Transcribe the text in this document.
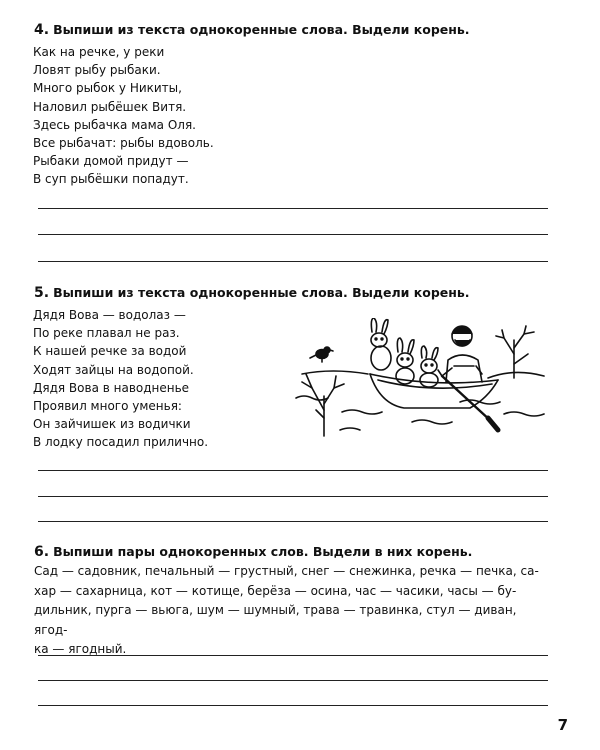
4. Выпиши из текста однокоренные слова. Выдели корень.
Как на речке, у реки
Ловят рыбу рыбаки.
Много рыбок у Никиты,
Наловил рыбёшек Витя.
Здесь рыбачка мама Оля.
Все рыбачат: рыбы вдоволь.
Рыбаки домой придут —
В суп рыбёшки попадут.
5. Выпиши из текста однокоренные слова. Выдели корень.
Дядя Вова — водолаз —
По реке плавал не раз.
К нашей речке за водой
Ходят зайцы на водопой.
Дядя Вова в наводненье
Проявил много уменья:
Он зайчишек из водички
В лодку посадил прилично.
6. Выпиши пары однокоренных слов. Выдели в них корень.
Сад — садовник, печальный — грустный, снег — снежинка, речка — печка, са-
хар — сахарница, кот — котище, берёза — осина, час — часики, часы — бу-
дильник, пурга — вьюга, шум — шумный, трава — травинка, стул — диван, ягод-
ка — ягодный.
7
